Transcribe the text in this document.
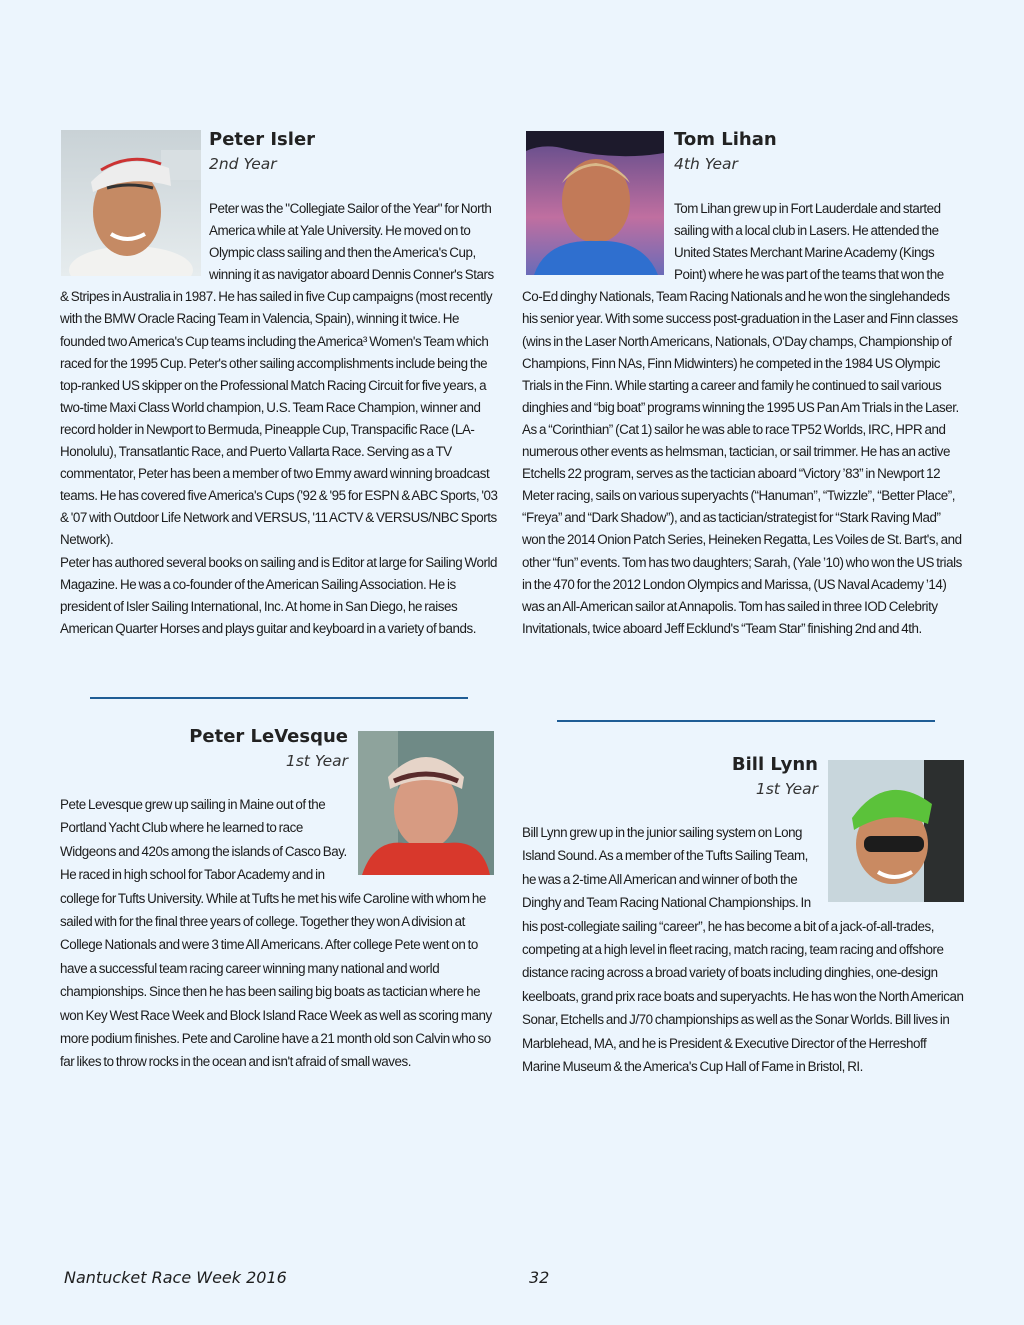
Peter Isler
2nd Year

Peter was the "Collegiate Sailor of the Year" for North America while at Yale University. He moved on to Olympic class sailing and then the America's Cup, winning it as navigator aboard Dennis Conner's Stars & Stripes in Australia in 1987. He has sailed in five Cup campaigns (most recently with the BMW Oracle Racing Team in Valencia, Spain), winning it twice. He founded two America's Cup teams including the America³ Women's Team which raced for the 1995 Cup. Peter's other sailing accomplishments include being the top-ranked US skipper on the Professional Match Racing Circuit for five years, a two-time Maxi Class World champion, U.S. Team Race Champion, winner and record holder in Newport to Bermuda, Pineapple Cup, Transpacific Race (LA-Honolulu), Transatlantic Race, and Puerto Vallarta Race. Serving as a TV commentator, Peter has been a member of two Emmy award winning broadcast teams. He has covered five America's Cups ('92 & '95 for ESPN & ABC Sports, '03 & '07 with Outdoor Life Network and VERSUS, '11 ACTV & VERSUS/NBC Sports Network).

Peter has authored several books on sailing and is Editor at large for Sailing World Magazine. He was a co-founder of the American Sailing Association. He is president of Isler Sailing International, Inc. At home in San Diego, he raises American Quarter Horses and plays guitar and keyboard in a variety of bands.

Tom Lihan
4th Year

Tom Lihan grew up in Fort Lauderdale and started sailing with a local club in Lasers. He attended the United States Merchant Marine Academy (Kings Point) where he was part of the teams that won the Co-Ed dinghy Nationals, Team Racing Nationals and he won the singlehandeds his senior year. With some success post-graduation in the Laser and Finn classes (wins in the Laser North Americans, Nationals, O'Day champs, Championship of Champions, Finn NAs, Finn Midwinters) he competed in the 1984 US Olympic Trials in the Finn. While starting a career and family he continued to sail various dinghies and “big boat” programs winning the 1995 US Pan Am Trials in the Laser. As a “Corinthian” (Cat 1) sailor he was able to race TP52 Worlds, IRC, HPR and numerous other events as helmsman, tactician, or sail trimmer. He has an active Etchells 22 program, serves as the tactician aboard “Victory ’83” in Newport 12 Meter racing, sails on various superyachts (“Hanuman”, “Twizzle”, “Better Place”, “Freya” and “Dark Shadow”), and as tactician/strategist for “Stark Raving Mad” won the 2014 Onion Patch Series, Heineken Regatta, Les Voiles de St. Bart's, and other “fun” events. Tom has two daughters; Sarah, (Yale ’10) who won the US trials in the 470 for the 2012 London Olympics and Marissa, (US Naval Academy ’14) was an All-American sailor at Annapolis. Tom has sailed in three IOD Celebrity Invitationals, twice aboard Jeff Ecklund's “Team Star” finishing 2nd and 4th.

Peter LeVesque
1st Year

Pete Levesque grew up sailing in Maine out of the Portland Yacht Club where he learned to race Widgeons and 420s among the islands of Casco Bay. He raced in high school for Tabor Academy and in college for Tufts University. While at Tufts he met his wife Caroline with whom he sailed with for the final three years of college. Together they won A division at College Nationals and were 3 time All Americans. After college Pete went on to have a successful team racing career winning many national and world championships. Since then he has been sailing big boats as tactician where he won Key West Race Week and Block Island Race Week as well as scoring many more podium finishes. Pete and Caroline have a 21 month old son Calvin who so far likes to throw rocks in the ocean and isn't afraid of small waves.

Bill Lynn
1st Year

Bill Lynn grew up in the junior sailing system on Long Island Sound. As a member of the Tufts Sailing Team, he was a 2-time All American and winner of both the Dinghy and Team Racing National Championships. In his post-collegiate sailing “career”, he has become a bit of a jack-of-all-trades, competing at a high level in fleet racing, match racing, team racing and offshore distance racing across a broad variety of boats including dinghies, one-design keelboats, grand prix race boats and superyachts. He has won the North American Sonar, Etchells and J/70 championships as well as the Sonar Worlds. Bill lives in Marblehead, MA, and he is President & Executive Director of the Herreshoff Marine Museum & the America's Cup Hall of Fame in Bristol, RI.

Nantucket Race Week 2016	32
